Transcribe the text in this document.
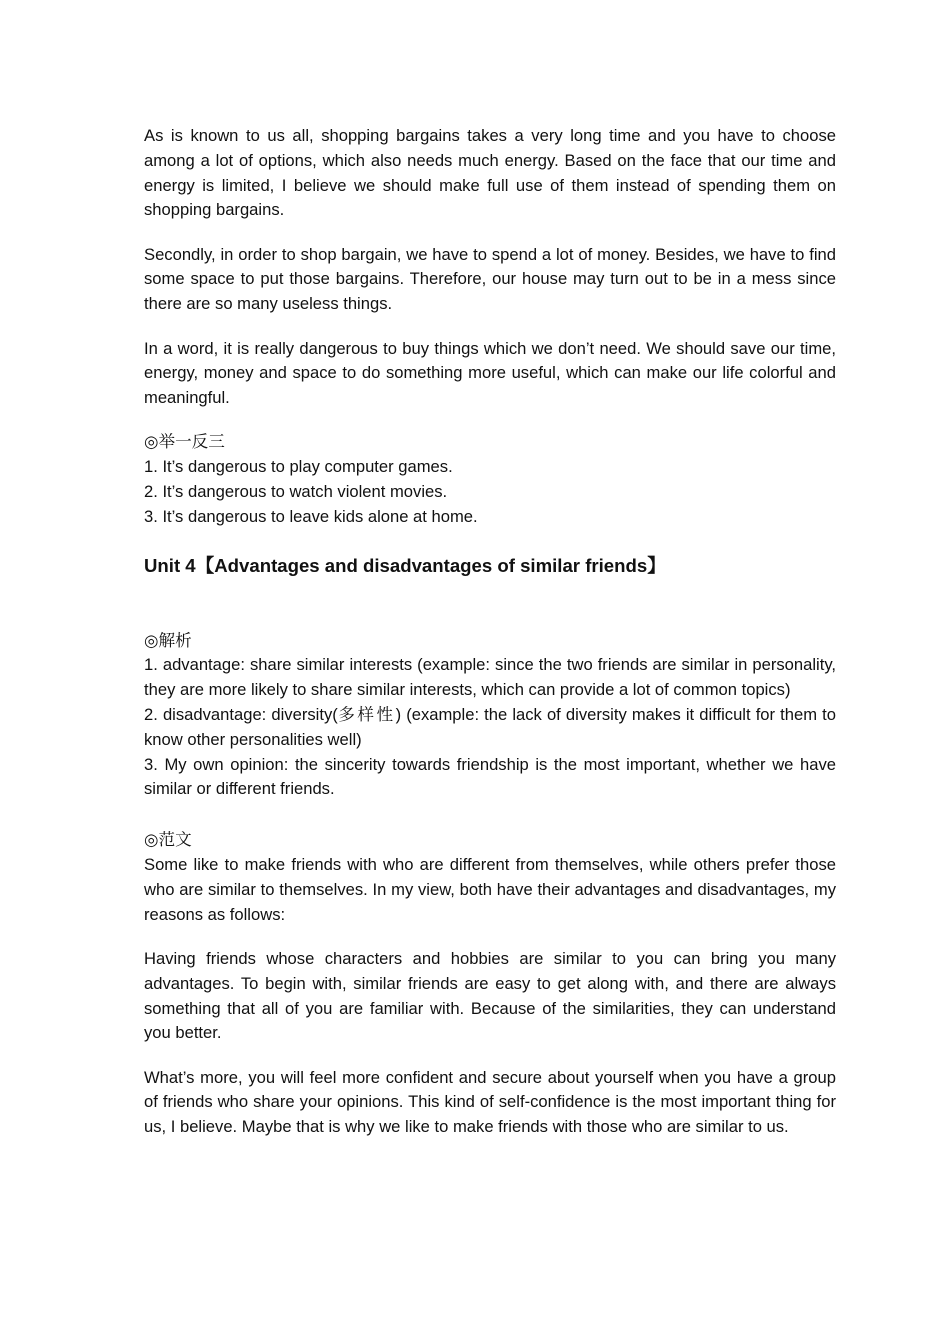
As is known to us all, shopping bargains takes a very long time and you have to choose among a lot of options, which also needs much energy. Based on the face that our time and energy is limited, I believe we should make full use of them instead of spending them on shopping bargains.

Secondly, in order to shop bargain, we have to spend a lot of money. Besides, we have to find some space to put those bargains. Therefore, our house may turn out to be in a mess since there are so many useless things.

In a word, it is really dangerous to buy things which we don’t need. We should save our time, energy, money and space to do something more useful, which can make our life colorful and meaningful.

◎举一反三

1. It’s dangerous to play computer games.

2. It’s dangerous to watch violent movies.

3. It’s dangerous to leave kids alone at home.

Unit 4【Advantages and disadvantages of similar friends】

◎解析

1. advantage: share similar interests (example: since the two friends are similar in personality, they are more likely to share similar interests, which can provide a lot of common topics)

2. disadvantage: diversity(多样性) (example: the lack of diversity makes it difficult for them to know other personalities well)

3. My own opinion: the sincerity towards friendship is the most important, whether we have similar or different friends.

◎范文

Some like to make friends with who are different from themselves, while others prefer those who are similar to themselves. In my view, both have their advantages and disadvantages, my reasons as follows:

Having friends whose characters and hobbies are similar to you can bring you many advantages. To begin with, similar friends are easy to get along with, and there are always something that all of you are familiar with. Because of the similarities, they can understand you better.

What’s more, you will feel more confident and secure about yourself when you have a group of friends who share your opinions. This kind of self-confidence is the most important thing for us, I believe. Maybe that is why we like to make friends with those who are similar to us.
